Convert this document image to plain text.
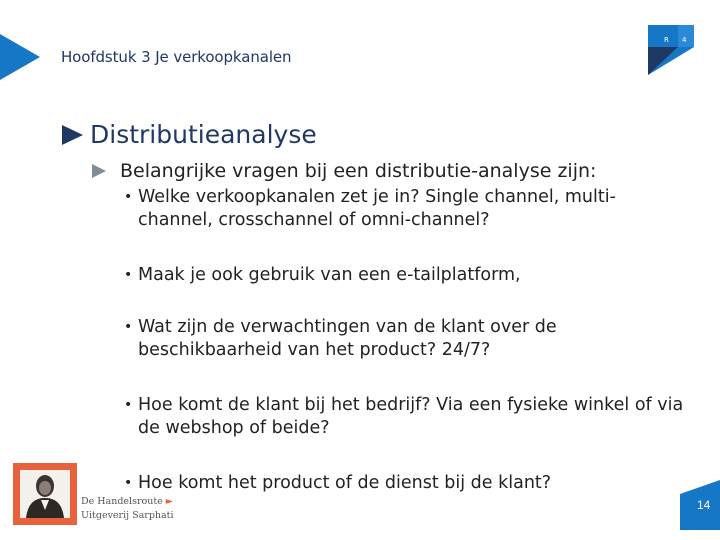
Hoofdstuk 3 Je verkoopkanalen
R 4
Distributieanalyse
Belangrijke vragen bij een distributie-analyse zijn:
• Welke verkoopkanalen zet je in? Single channel, multi-
channel, crosschannel of omni-channel?
• Maak je ook gebruik van een e-tailplatform,
• Wat zijn de verwachtingen van de klant over de
beschikbaarheid van het product? 24/7?
• Hoe komt de klant bij het bedrijf? Via een fysieke winkel of via
de webshop of beide?
• Hoe komt het product of de dienst bij de klant?
De Handelsroute ►
Uitgeverij Sarphati
14
